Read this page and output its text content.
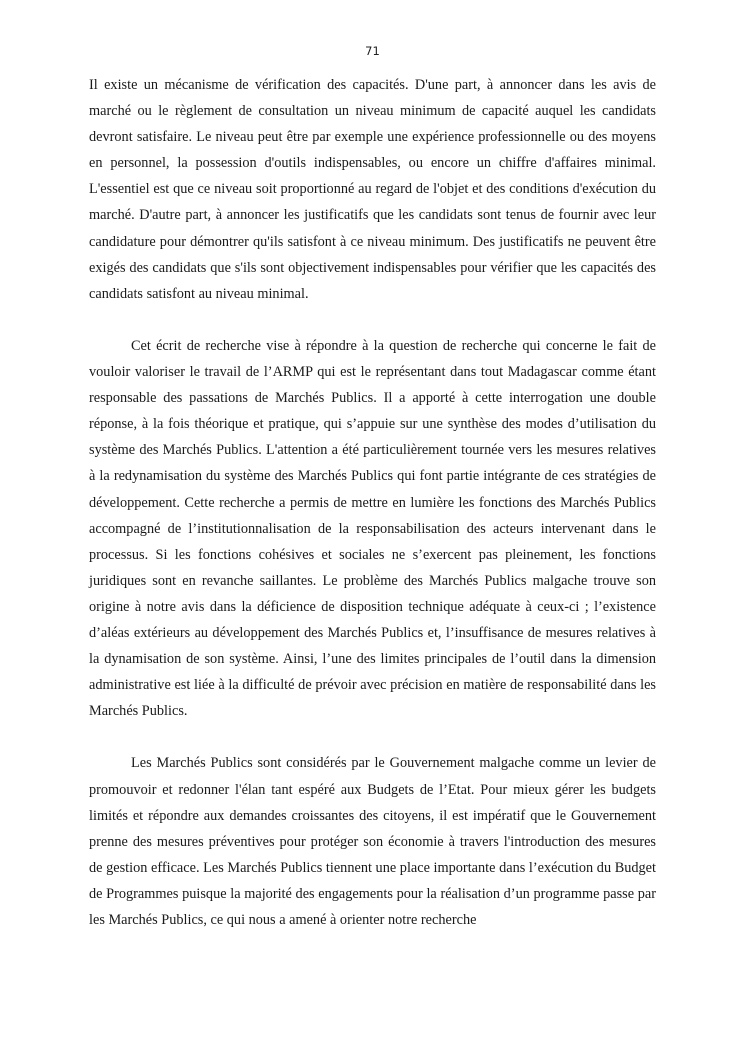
71

Il existe un mécanisme de vérification des capacités. D'une part, à annoncer dans les avis de marché ou le règlement de consultation un niveau minimum de capacité auquel les candidats devront satisfaire. Le niveau peut être par exemple une expérience professionnelle ou des moyens en personnel, la possession d'outils indispensables, ou encore un chiffre d'affaires minimal. L'essentiel est que ce niveau soit proportionné au regard de l'objet et des conditions d'exécution du marché. D'autre part, à annoncer les justificatifs que les candidats sont tenus de fournir avec leur candidature pour démontrer qu'ils satisfont à ce niveau minimum. Des justificatifs ne peuvent être exigés des candidats que s'ils sont objectivement indispensables pour vérifier que les capacités des candidats satisfont au niveau minimal.

Cet écrit de recherche vise à répondre à la question de recherche qui concerne le fait de vouloir valoriser le travail de l’ARMP qui est le représentant dans tout Madagascar comme étant responsable des passations de Marchés Publics. Il a apporté à cette interrogation une double réponse, à la fois théorique et pratique, qui s’appuie sur une synthèse des modes d’utilisation du système des Marchés Publics. L'attention a été particulièrement tournée vers les mesures relatives à la redynamisation du système des Marchés Publics qui font partie intégrante de ces stratégies de développement. Cette recherche a permis de mettre en lumière les fonctions des Marchés Publics accompagné de l’institutionnalisation de la responsabilisation des acteurs intervenant dans le processus. Si les fonctions cohésives et sociales ne s’exercent pas pleinement, les fonctions juridiques sont en revanche saillantes. Le problème des Marchés Publics malgache trouve son origine à notre avis dans la déficience de disposition technique adéquate à ceux-ci ; l’existence d’aléas extérieurs au développement des Marchés Publics et, l’insuffisance de mesures relatives à la dynamisation de son système. Ainsi, l’une des limites principales de l’outil dans la dimension administrative est liée à la difficulté de prévoir avec précision en matière de responsabilité dans les Marchés Publics.

Les Marchés Publics sont considérés par le Gouvernement malgache comme un levier de promouvoir et redonner l'élan tant espéré aux Budgets de l’Etat. Pour mieux gérer les budgets limités et répondre aux demandes croissantes des citoyens, il est impératif que le Gouvernement prenne des mesures préventives pour protéger son économie à travers l'introduction des mesures de gestion efficace. Les Marchés Publics tiennent une place importante dans l’exécution du Budget de Programmes puisque la majorité des engagements pour la réalisation d’un programme passe par les Marchés Publics, ce qui nous a amené à orienter notre recherche
